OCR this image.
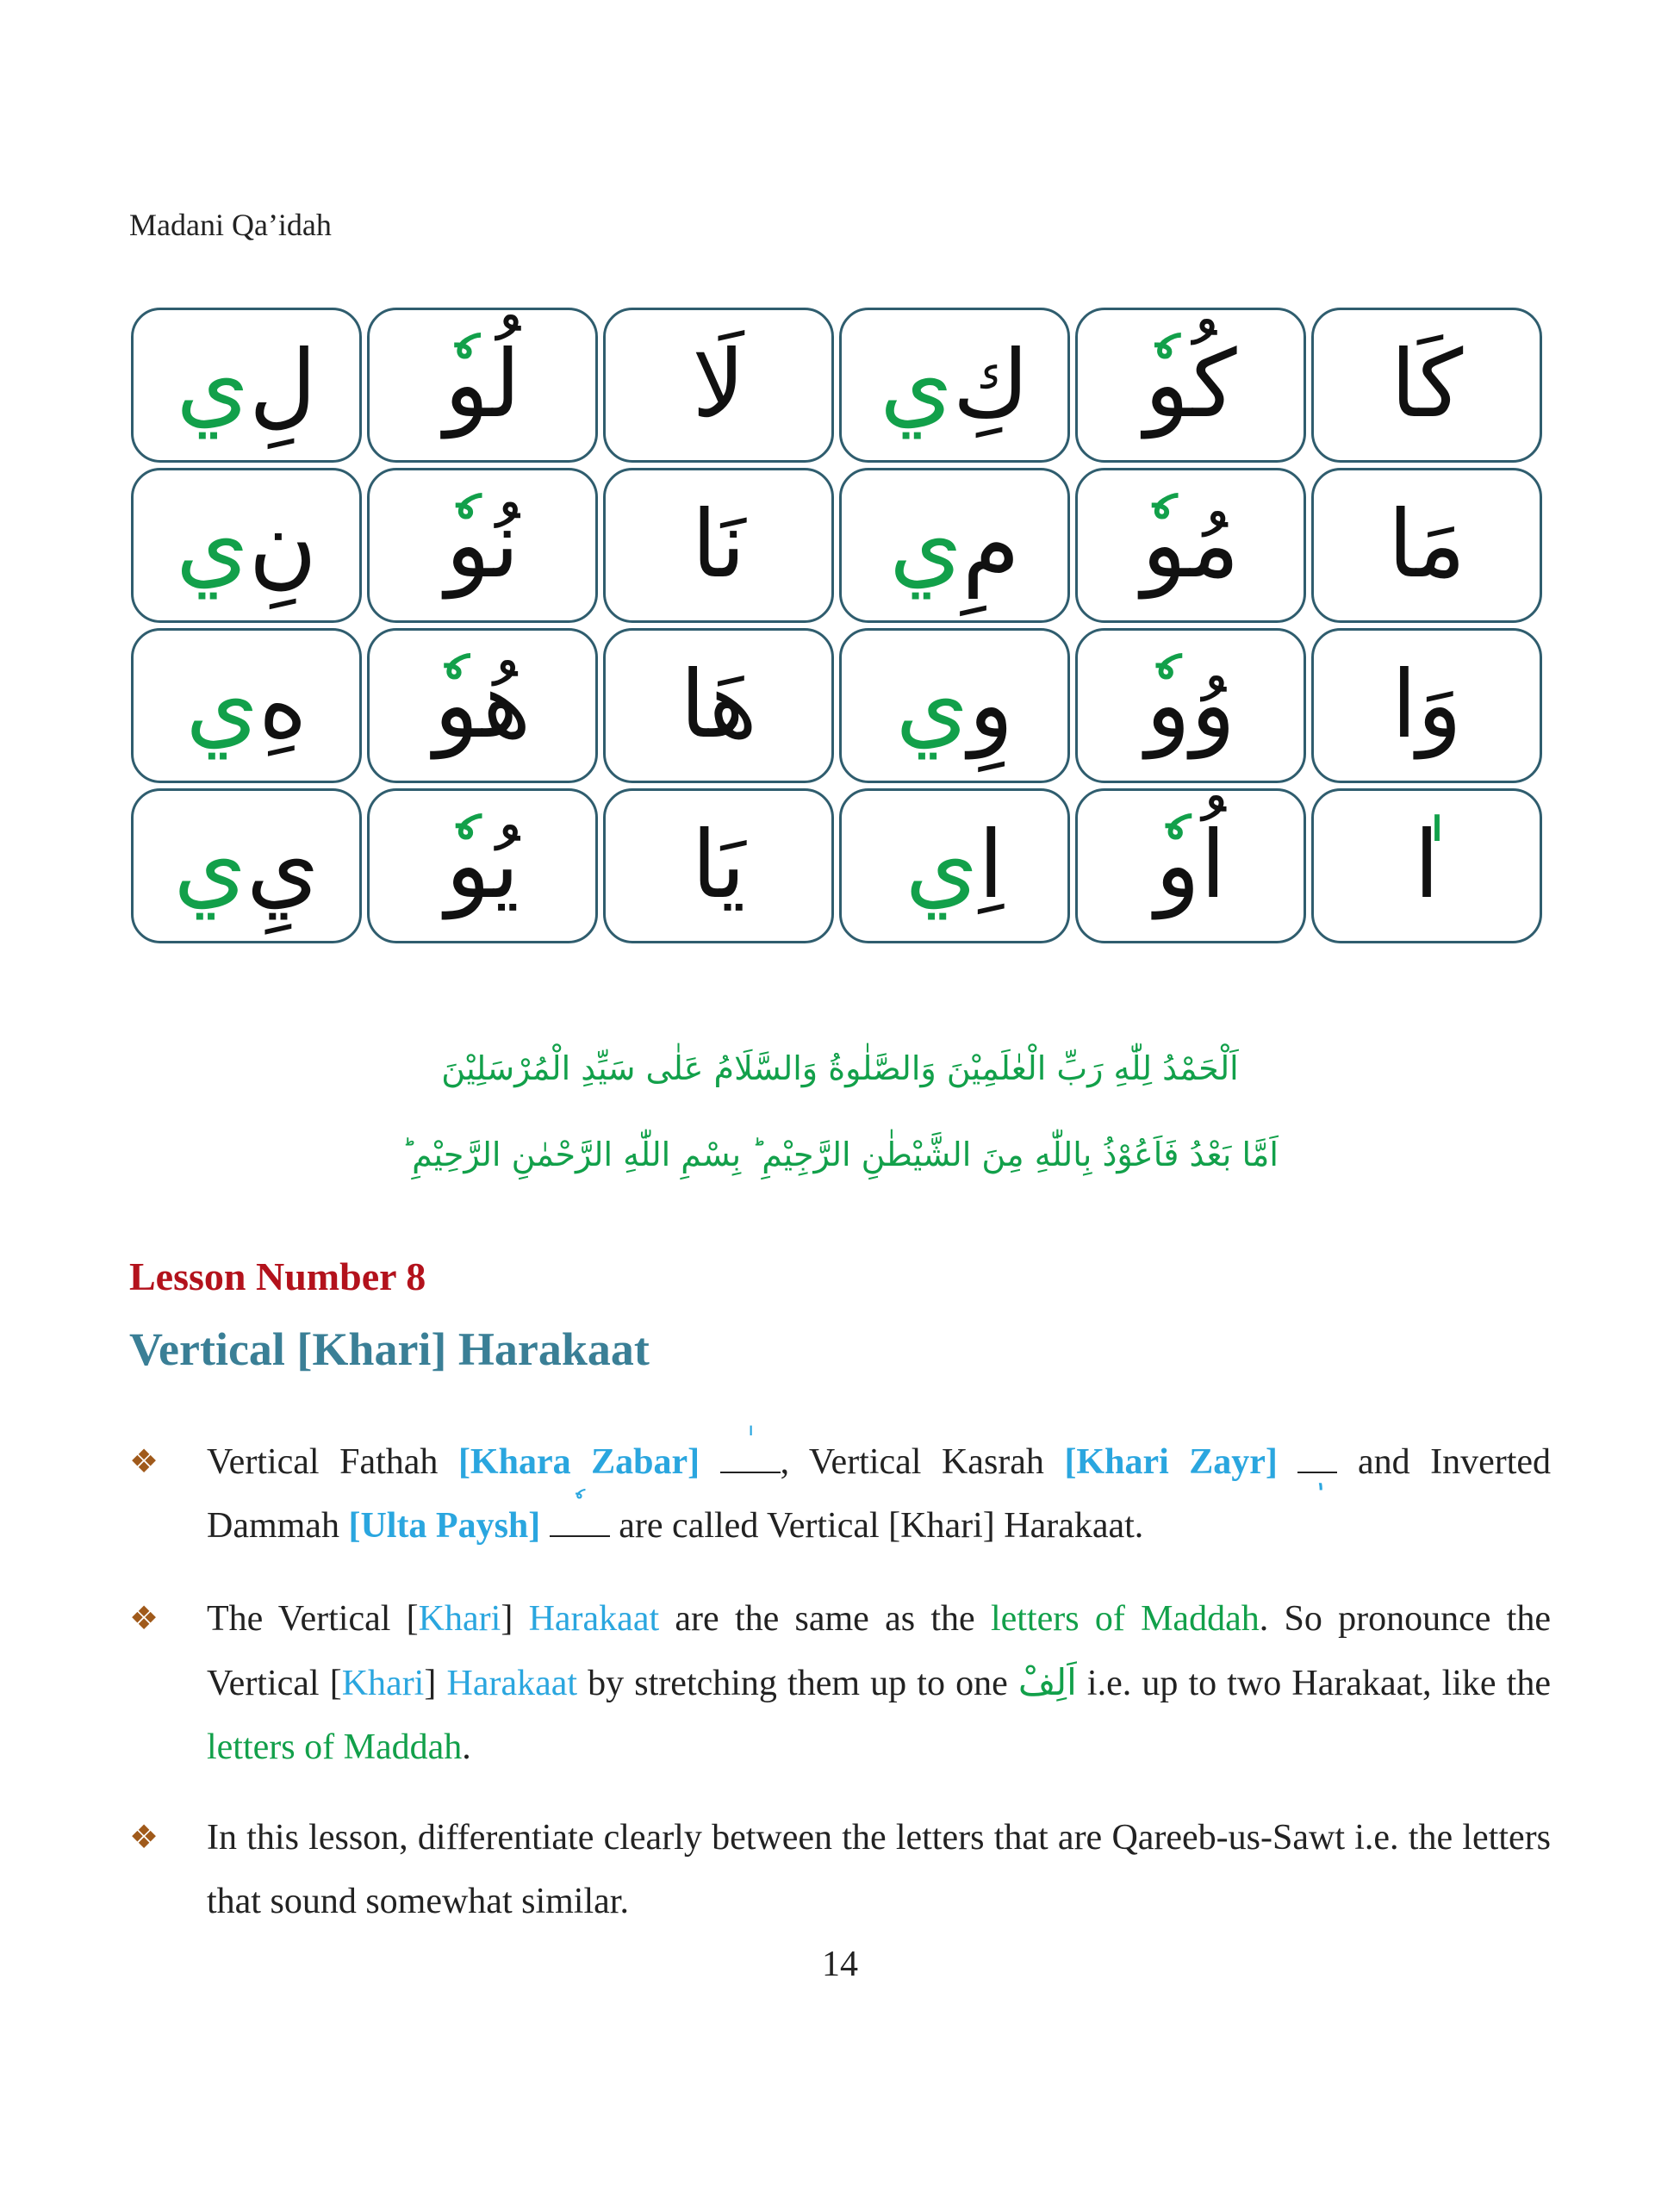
Madani Qa’idah
كَا
كُو
كِ
ي
لَا
لُو
لِ
ي
مَا
مُو
مِ
ي
نَا
نُو
نِ
ي
وَا
وُو
وِ
ي
هَا
هُو
هِ
ي
ا
اُو
اِ
ي
يَا
يُو
يِ
ي
اَلْحَمْدُ لِلّٰهِ رَبِّ الْعٰلَمِيْنَ وَالصَّلٰوةُ وَالسَّلَامُ عَلٰى سَيِّدِ الْمُرْسَلِيْنَ
اَمَّا بَعْدُ فَاَعُوْذُ بِاللّٰهِ مِنَ الشَّيْطٰنِ الرَّجِيْمِ ؕ بِسْمِ اللّٰهِ الرَّحْمٰنِ الرَّحِيْمِ ؕ
Lesson Number 8
Vertical [Khari] Harakaat
❖ Vertical Fathah [Khara Zabar] , Vertical Kasrah [Khari Zayr]
and Inverted Dammah [Ulta Paysh]
are called Vertical [Khari] Harakaat.
❖ The Vertical [Khari] Harakaat are the same as the letters of Maddah. So pronounce the Vertical [Khari] Harakaat by stretching them up to one اَلِفْ i.e. up to two Harakaat, like the letters of Maddah.
❖ In this lesson, differentiate clearly between the letters that are Qareeb-us-Sawt i.e. the letters that sound somewhat similar.
14
